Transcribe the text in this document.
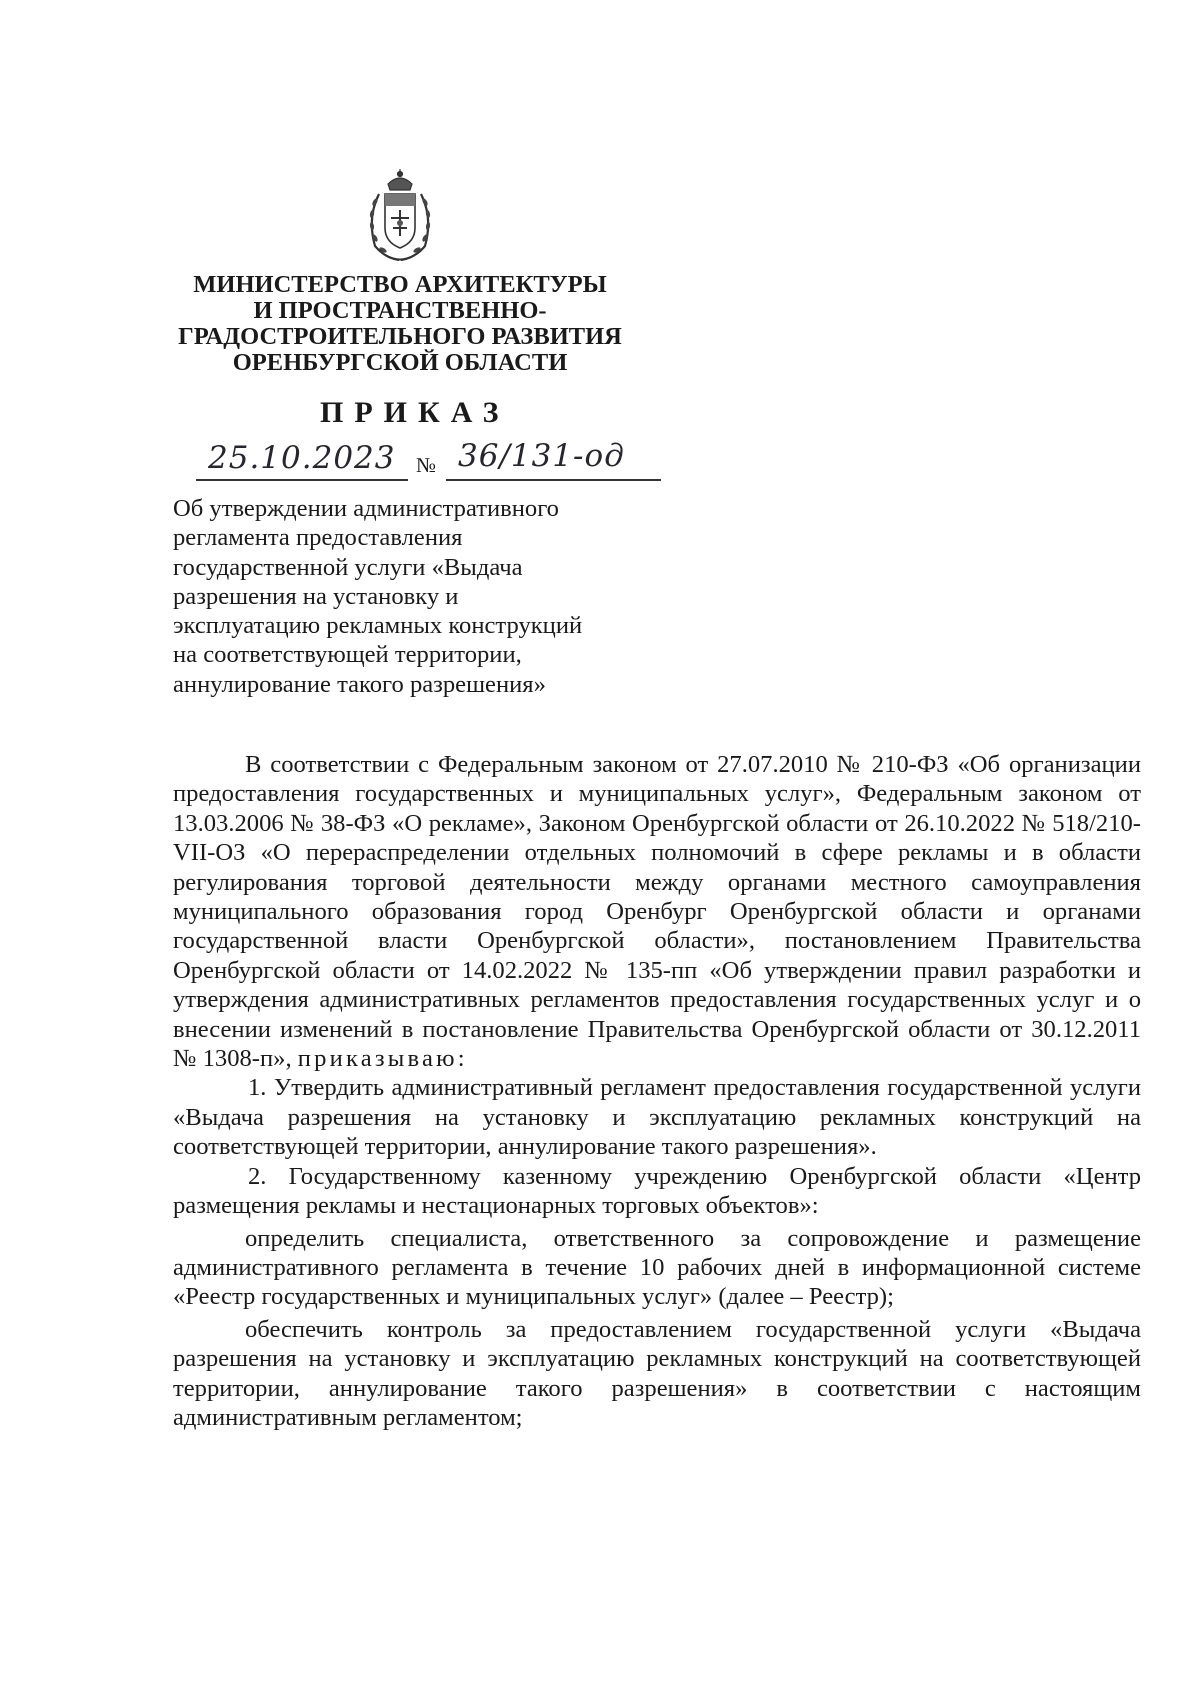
МИНИСТЕРСТВО АРХИТЕКТУРЫ
И ПРОСТРАНСТВЕННО-
ГРАДОСТРОИТЕЛЬНОГО РАЗВИТИЯ
ОРЕНБУРГСКОЙ ОБЛАСТИ
ПРИКАЗ
25.10.2023 № 36/131-од
Об утверждении административного
регламента предоставления
государственной услуги «Выдача
разрешения на установку и
эксплуатацию рекламных конструкций
на соответствующей территории,
аннулирование такого разрешения»
В соответствии с Федеральным законом от 27.07.2010 № 210-ФЗ «Об организации предоставления государственных и муниципальных услуг», Федеральным законом от 13.03.2006 № 38-ФЗ «О рекламе», Законом Оренбургской области от 26.10.2022 № 518/210-VII-ОЗ «О перераспределении отдельных полномочий в сфере рекламы и в области регулирования торговой деятельности между органами местного самоуправления муниципального образования город Оренбург Оренбургской области и органами государственной власти Оренбургской области», постановлением Правительства Оренбургской области от 14.02.2022 № 135-пп «Об утверждении правил разработки и утверждения административных регламентов предоставления государственных услуг и о внесении изменений в постановление Правительства Оренбургской области от 30.12.2011 № 1308-п», приказываю:
1. Утвердить административный регламент предоставления государственной услуги «Выдача разрешения на установку и эксплуатацию рекламных конструкций на соответствующей территории, аннулирование такого разрешения».
2. Государственному казенному учреждению Оренбургской области «Центр размещения рекламы и нестационарных торговых объектов»:
определить специалиста, ответственного за сопровождение и размещение административного регламента в течение 10 рабочих дней в информационной системе «Реестр государственных и муниципальных услуг» (далее – Реестр);
обеспечить контроль за предоставлением государственной услуги «Выдача разрешения на установку и эксплуатацию рекламных конструкций на соответствующей территории, аннулирование такого разрешения» в соответствии с настоящим административным регламентом;
